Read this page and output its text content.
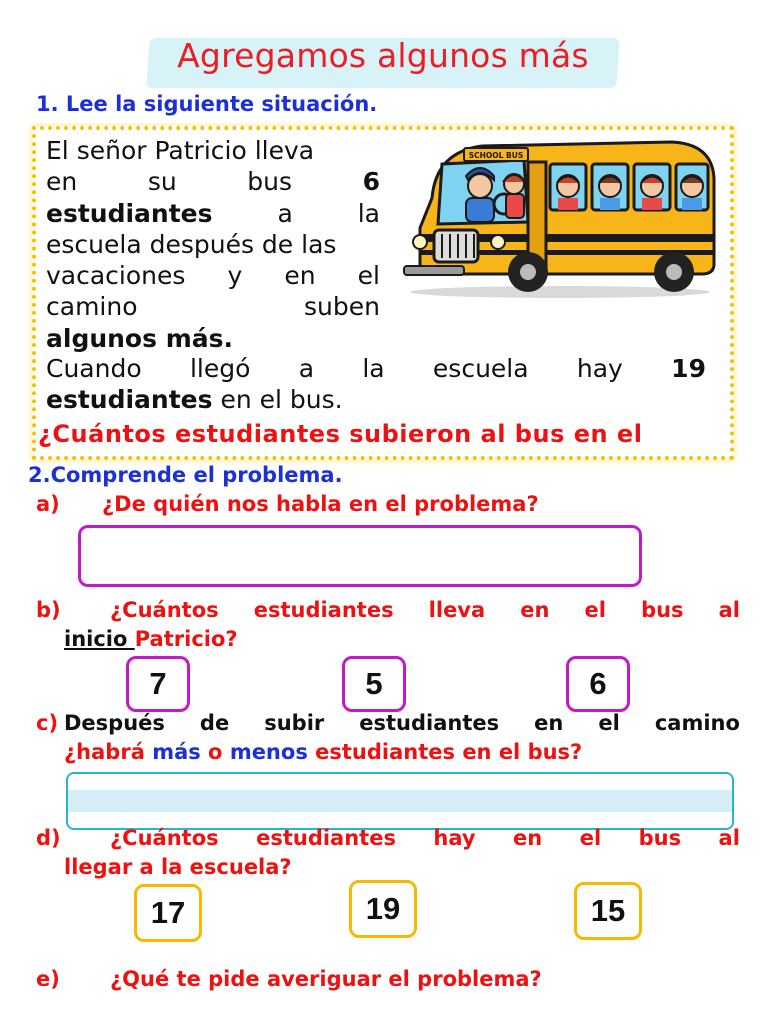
Agregamos algunos más
1. Lee la siguiente situación.
El señor Patricio lleva
en	su	bus	6
estudiantes	a	la
escuela después de las
vacaciones y en el
camino	suben
algunos más.
Cuando llegó a la escuela hay 19
estudiantes en el bus.
¿Cuántos estudiantes subieron al bus en el
SCHOOL BUS
2.Comprende el problema.
a) ¿De quién nos habla en el problema?
b) ¿Cuántos estudiantes lleva en el bus al
inicio Patricio?
7	5	6
c) Después de subir estudiantes en el camino
¿habrá más o menos estudiantes en el bus?
d) ¿Cuántos estudiantes hay en el bus al
llegar a la escuela?
17	19	15
e) ¿Qué te pide averiguar el problema?
